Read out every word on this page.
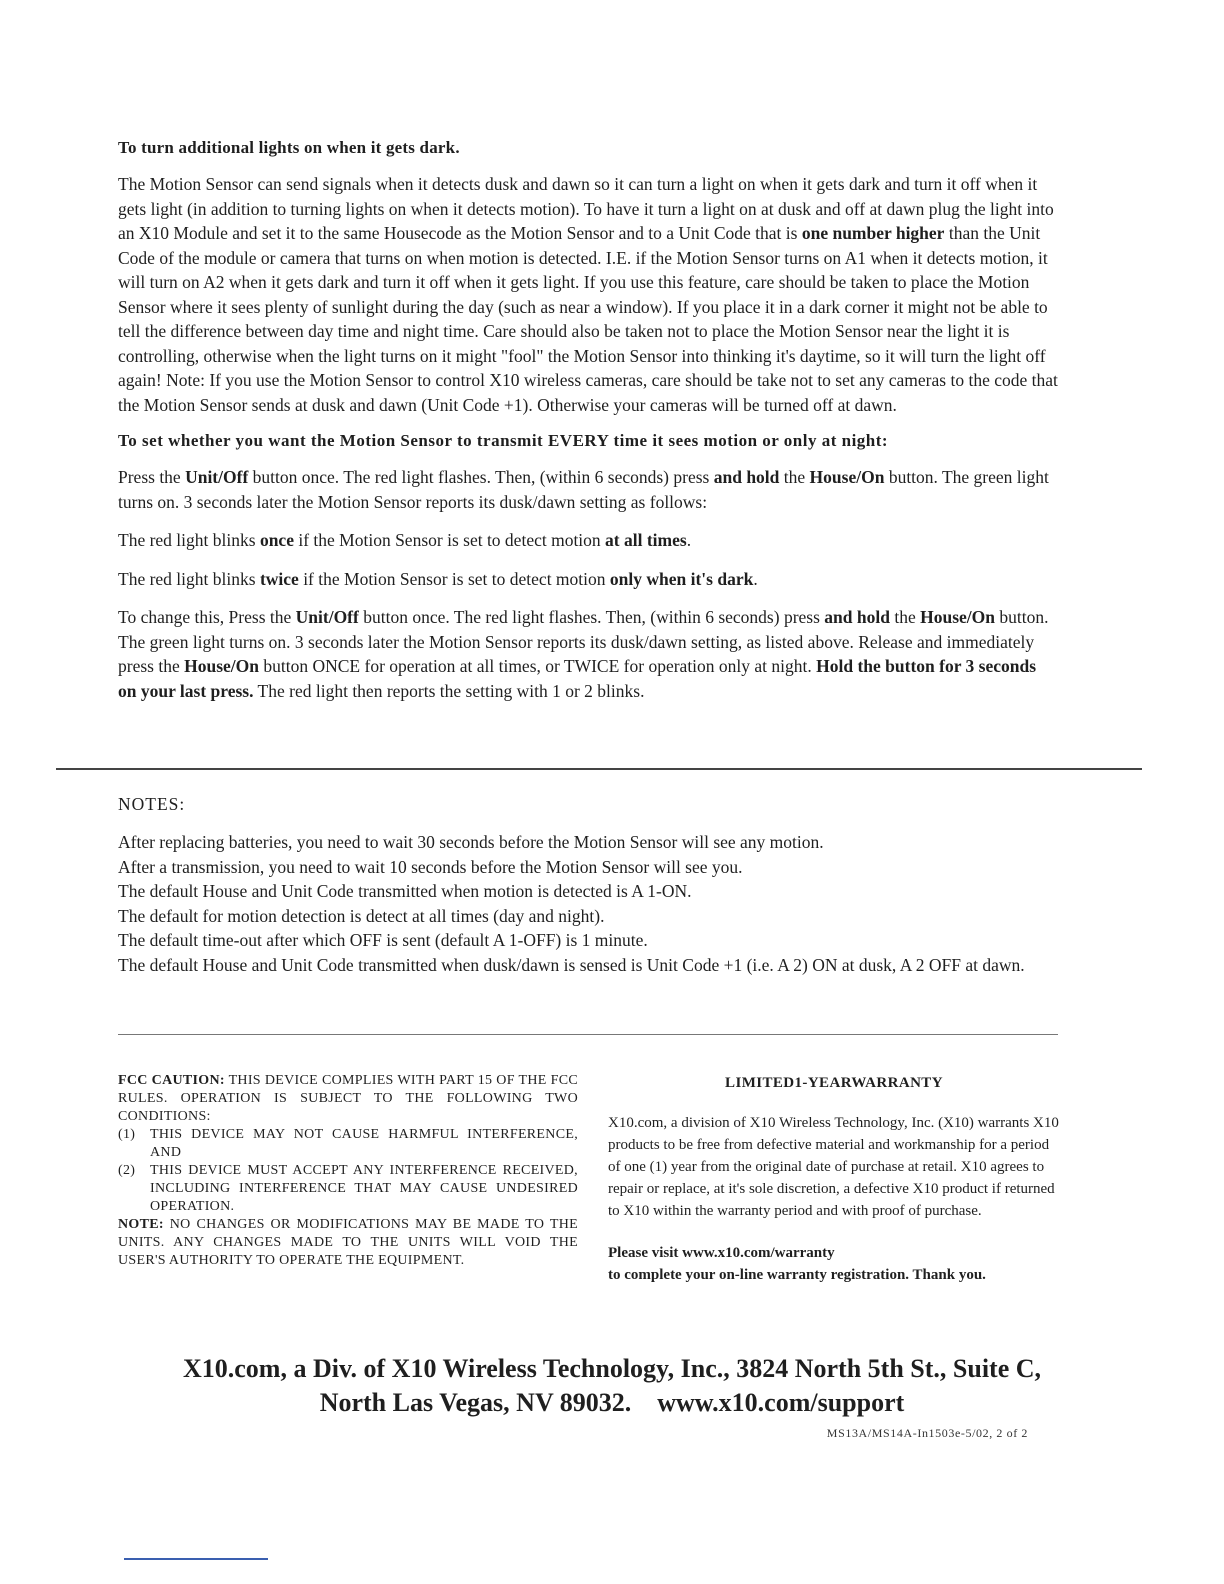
To turn additional lights on when it gets dark.

The Motion Sensor can send signals when it detects dusk and dawn so it can turn a light on when it gets dark and turn it off when it gets light (in addition to turning lights on when it detects motion). To have it turn a light on at dusk and off at dawn plug the light into an X10 Module and set it to the same Housecode as the Motion Sensor and to a Unit Code that is one number higher than the Unit Code of the module or camera that turns on when motion is detected. I.E. if the Motion Sensor turns on A1 when it detects motion, it will turn on A2 when it gets dark and turn it off when it gets light. If you use this feature, care should be taken to place the Motion Sensor where it sees plenty of sunlight during the day (such as near a window). If you place it in a dark corner it might not be able to tell the difference between day time and night time. Care should also be taken not to place the Motion Sensor near the light it is controlling, otherwise when the light turns on it might "fool" the Motion Sensor into thinking it's daytime, so it will turn the light off again! Note: If you use the Motion Sensor to control X10 wireless cameras, care should be take not to set any cameras to the code that the Motion Sensor sends at dusk and dawn (Unit Code +1). Otherwise your cameras will be turned off at dawn.

To set whether you want the Motion Sensor to transmit EVERY time it sees motion or only at night:

Press the Unit/Off button once. The red light flashes. Then, (within 6 seconds) press and hold the House/On button. The green light turns on. 3 seconds later the Motion Sensor reports its dusk/dawn setting as follows:

The red light blinks once if the Motion Sensor is set to detect motion at all times.

The red light blinks twice if the Motion Sensor is set to detect motion only when it's dark.

To change this, Press the Unit/Off button once. The red light flashes. Then, (within 6 seconds) press and hold the House/On button. The green light turns on. 3 seconds later the Motion Sensor reports its dusk/dawn setting, as listed above. Release and immediately press the House/On button ONCE for operation at all times, or TWICE for operation only at night. Hold the button for 3 seconds on your last press. The red light then reports the setting with 1 or 2 blinks.

NOTES:
After replacing batteries, you need to wait 30 seconds before the Motion Sensor will see any motion.
After a transmission, you need to wait 10 seconds before the Motion Sensor will see you.
The default House and Unit Code transmitted when motion is detected is A 1-ON.
The default for motion detection is detect at all times (day and night).
The default time-out after which OFF is sent (default A 1-OFF) is 1 minute.
The default House and Unit Code transmitted when dusk/dawn is sensed is Unit Code +1 (i.e. A 2) ON at dusk, A 2 OFF at dawn.
FCC CAUTION: THIS DEVICE COMPLIES WITH PART 15 OF THE FCC RULES. OPERATION IS SUBJECT TO THE FOLLOWING TWO CONDITIONS:
(1)	THIS DEVICE MAY NOT CAUSE HARMFUL INTERFERENCE, AND
(2)	THIS DEVICE MUST ACCEPT ANY INTERFERENCE RECEIVED, INCLUDING INTERFERENCE THAT MAY CAUSE UNDESIRED OPERATION.
NOTE: NO CHANGES OR MODIFICATIONS MAY BE MADE TO THE UNITS. ANY CHANGES MADE TO THE UNITS WILL VOID THE USER'S AUTHORITY TO OPERATE THE EQUIPMENT.
LIMITED1-YEARWARRANTY
X10.com, a division of X10 Wireless Technology, Inc. (X10) warrants X10 products to be free from defective material and workmanship for a period of one (1) year from the original date of purchase at retail. X10 agrees to repair or replace, at it's sole discretion, a defective X10 product if returned to X10 within the warranty period and with proof of purchase.
Please visit www.x10.com/warranty
to complete your on-line warranty registration. Thank you.
X10.com, a Div. of X10 Wireless Technology, Inc., 3824 North 5th St., Suite C,
North Las Vegas, NV 89032.    www.x10.com/support
MS13A/MS14A-In1503e-5/02, 2 of 2
